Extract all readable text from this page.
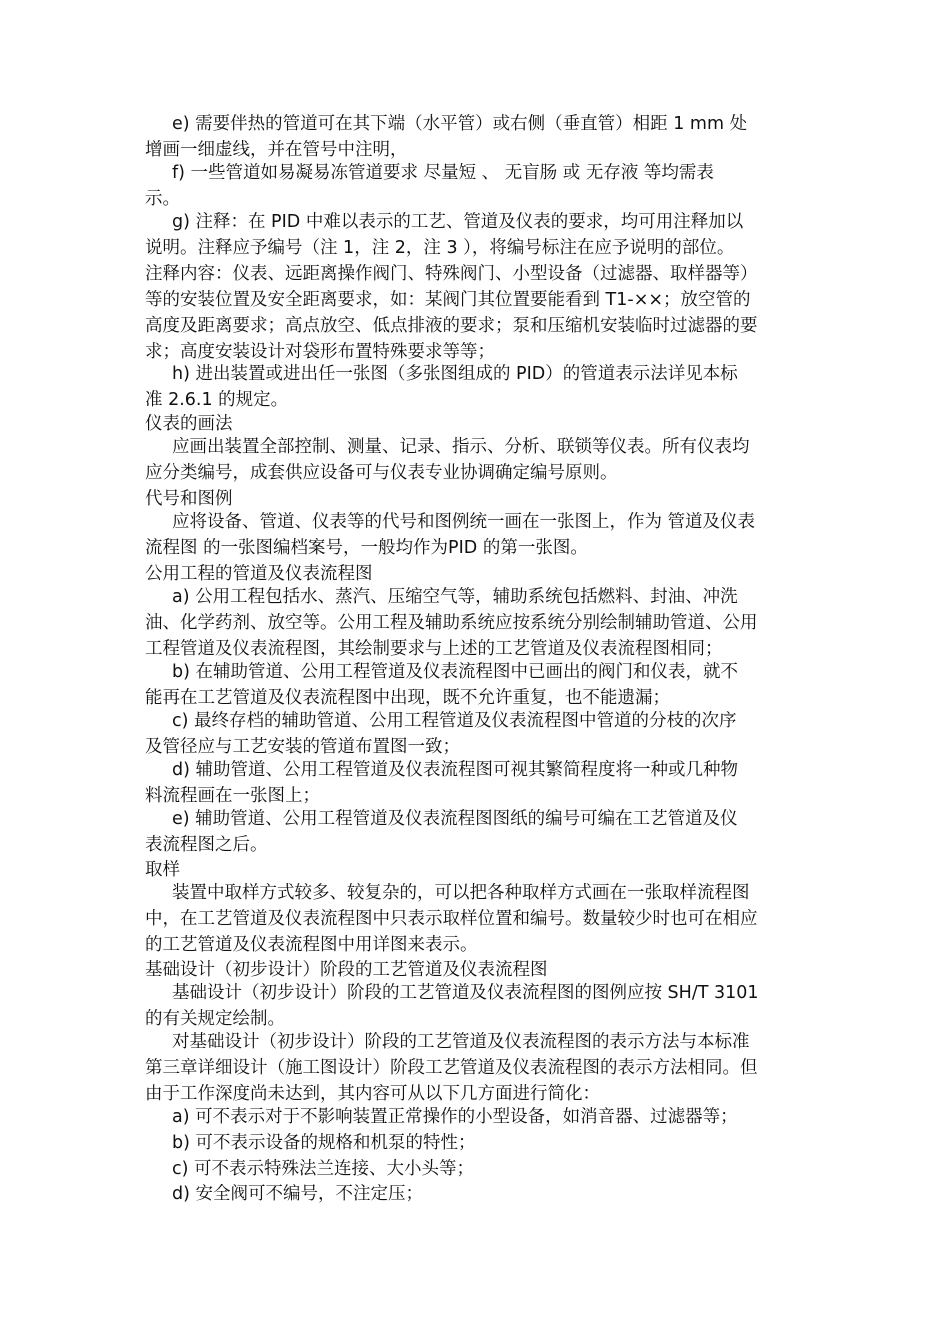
e) 需要伴热的管道可在其下端（水平管）或右侧（垂直管）相距 1 mm 处
增画一细虚线，并在管号中注明，
f) 一些管道如易凝易冻管道要求 尽量短 、 无盲肠 或 无存液 等均需表
示。
g) 注释：在 PID 中难以表示的工艺、管道及仪表的要求，均可用注释加以
说明。注释应予编号（注 1，注 2，注 3 ），将编号标注在应予说明的部位。
注释内容：仪表、远距离操作阀门、特殊阀门、小型设备（过滤器、取样器等）
等的安装位置及安全距离要求，如：某阀门其位置要能看到 T1-××；放空管的
高度及距离要求；高点放空、低点排液的要求；泵和压缩机安装临时过滤器的要
求；高度安装设计对袋形布置特殊要求等等；
h) 进出装置或进出任一张图（多张图组成的 PID）的管道表示法详见本标
准 2.6.1 的规定。
仪表的画法
应画出装置全部控制、测量、记录、指示、分析、联锁等仪表。所有仪表均
应分类编号，成套供应设备可与仪表专业协调确定编号原则。
代号和图例
应将设备、管道、仪表等的代号和图例统一画在一张图上，作为 管道及仪表
流程图 的一张图编档案号，一般均作为PID 的第一张图。
公用工程的管道及仪表流程图
a) 公用工程包括水、蒸汽、压缩空气等，辅助系统包括燃料、封油、冲洗
油、化学药剂、放空等。公用工程及辅助系统应按系统分别绘制辅助管道、公用
工程管道及仪表流程图，其绘制要求与上述的工艺管道及仪表流程图相同；
b) 在辅助管道、公用工程管道及仪表流程图中已画出的阀门和仪表，就不
能再在工艺管道及仪表流程图中出现，既不允许重复，也不能遗漏；
c) 最终存档的辅助管道、公用工程管道及仪表流程图中管道的分枝的次序
及管径应与工艺安装的管道布置图一致；
d) 辅助管道、公用工程管道及仪表流程图可视其繁简程度将一种或几种物
料流程画在一张图上；
e) 辅助管道、公用工程管道及仪表流程图图纸的编号可编在工艺管道及仪
表流程图之后。
取样
装置中取样方式较多、较复杂的，可以把各种取样方式画在一张取样流程图
中，在工艺管道及仪表流程图中只表示取样位置和编号。数量较少时也可在相应
的工艺管道及仪表流程图中用详图来表示。
基础设计（初步设计）阶段的工艺管道及仪表流程图
基础设计（初步设计）阶段的工艺管道及仪表流程图的图例应按 SH/T 3101
的有关规定绘制。
对基础设计（初步设计）阶段的工艺管道及仪表流程图的表示方法与本标准
第三章详细设计（施工图设计）阶段工艺管道及仪表流程图的表示方法相同。但
由于工作深度尚未达到，其内容可从以下几方面进行简化：
a) 可不表示对于不影响装置正常操作的小型设备，如消音器、过滤器等；
b) 可不表示设备的规格和机泵的特性；
c) 可不表示特殊法兰连接、大小头等；
d) 安全阀可不编号，不注定压；
